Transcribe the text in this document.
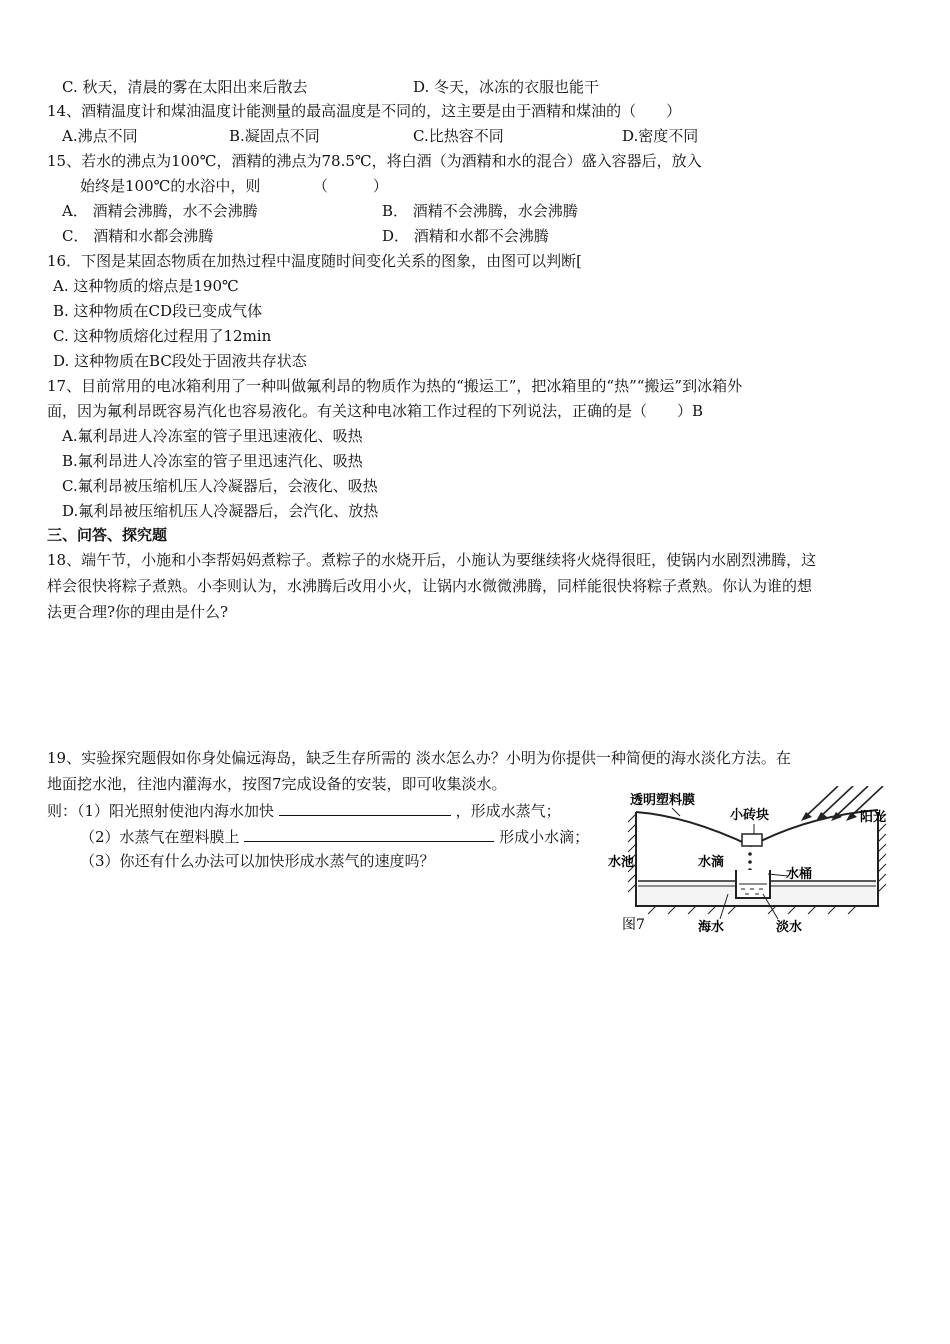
C. 秋天，清晨的雾在太阳出来后散去	D. 冬天，冰冻的衣服也能干
14、酒精温度计和煤油温度计能测量的最高温度是不同的，这主要是由于酒精和煤油的（　　）
A.沸点不同	B.凝固点不同	C.比热容不同	D.密度不同
15、若水的沸点为100℃，酒精的沸点为78.5℃，将白酒（为酒精和水的混合）盛入容器后，放入
始终是100℃的水浴中，则　　　　（　　　）
A． 酒精会沸腾，水不会沸腾	B． 酒精不会沸腾，水会沸腾
C． 酒精和水都会沸腾	D． 酒精和水都不会沸腾
16．下图是某固态物质在加热过程中温度随时间变化关系的图象，由图可以判断[
A. 这种物质的熔点是190℃
B. 这种物质在CD段已变成气体
C. 这种物质熔化过程用了12min
D. 这种物质在BC段处于固液共存状态
17、目前常用的电冰箱利用了一种叫做氟利昂的物质作为热的“搬运工”，把冰箱里的“热”“搬运”到冰箱外
面，因为氟利昂既容易汽化也容易液化。有关这种电冰箱工作过程的下列说法，正确的是（　　）B
A.氟利昂进人冷冻室的管子里迅速液化、吸热
B.氟利昂进人冷冻室的管子里迅速汽化、吸热
C.氟利昂被压缩机压人冷凝器后，会液化、吸热
D.氟利昂被压缩机压人冷凝器后，会汽化、放热
三、问答、探究题
18、端午节，小施和小李帮妈妈煮粽子。煮粽子的水烧开后，小施认为要继续将火烧得很旺，使锅内水剧烈沸腾，这
样会很快将粽子煮熟。小李则认为，水沸腾后改用小火，让锅内水微微沸腾，同样能很快将粽子煮熟。你认为谁的想
法更合理?你的理由是什么?
19、实验探究题假如你身处偏远海岛，缺乏生存所需的 淡水怎么办？小明为你提供一种简便的海水淡化方法。在
地面挖水池，往池内灌海水，按图7完成设备的安装，即可收集淡水。
则：（1）阳光照射使池内海水加快	，形成水蒸气；
（2）水蒸气在塑料膜上	形成小水滴；
（3）你还有什么办法可以加快形成水蒸气的速度吗？
透明塑料膜
小砖块	阳光
水池	水滴
水桶
海水	淡水
图7
